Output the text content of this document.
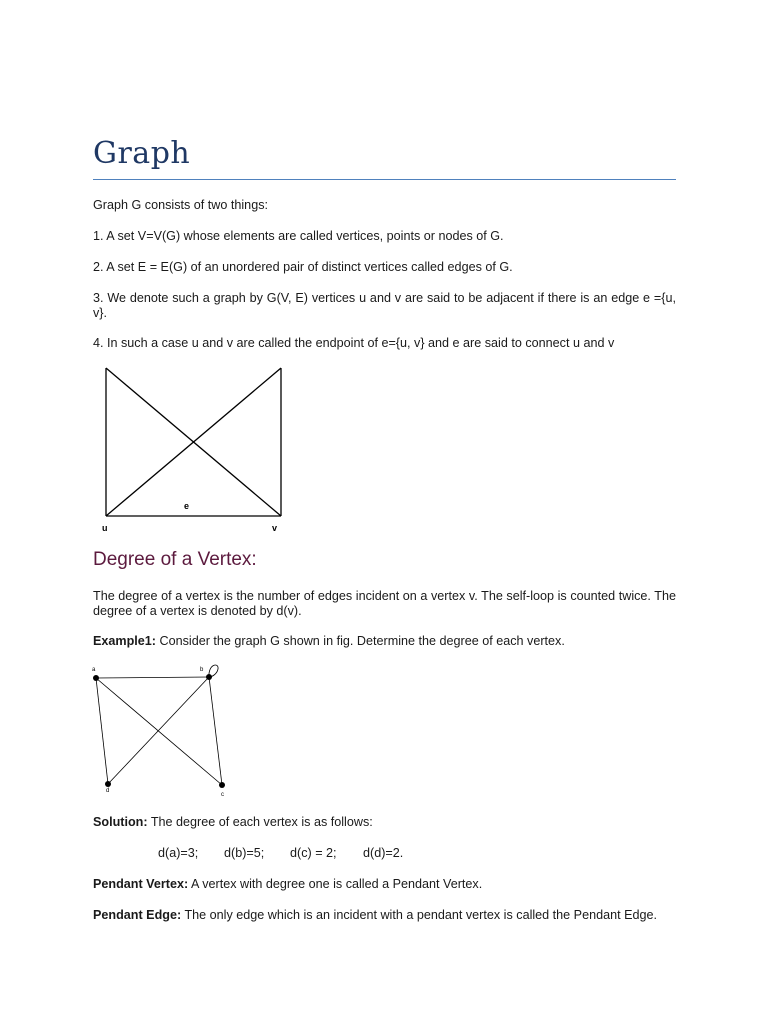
Graph

Graph G consists of two things:

1. A set V=V(G) whose elements are called vertices, points or nodes of G.

2. A set E = E(G) of an unordered pair of distinct vertices called edges of G.

3. We denote such a graph by G(V, E) vertices u and v are said to be adjacent if there is an edge e ={u, v}.

4. In such a case u and v are called the endpoint of e={u, v} and e are said to connect u and v

u	v
e
Degree of a Vertex:

The degree of a vertex is the number of edges incident on a vertex v. The self-loop is counted twice. The degree of a vertex is denoted by d(v).

Example1: Consider the graph G shown in fig. Determine the degree of each vertex.

a	b
c
d

Solution: The degree of each vertex is as follows:

d(a)=3; d(b)=5; d(c) = 2; d(d)=2.

Pendant Vertex: A vertex with degree one is called a Pendant Vertex.

Pendant Edge: The only edge which is an incident with a pendant vertex is called the Pendant Edge.
